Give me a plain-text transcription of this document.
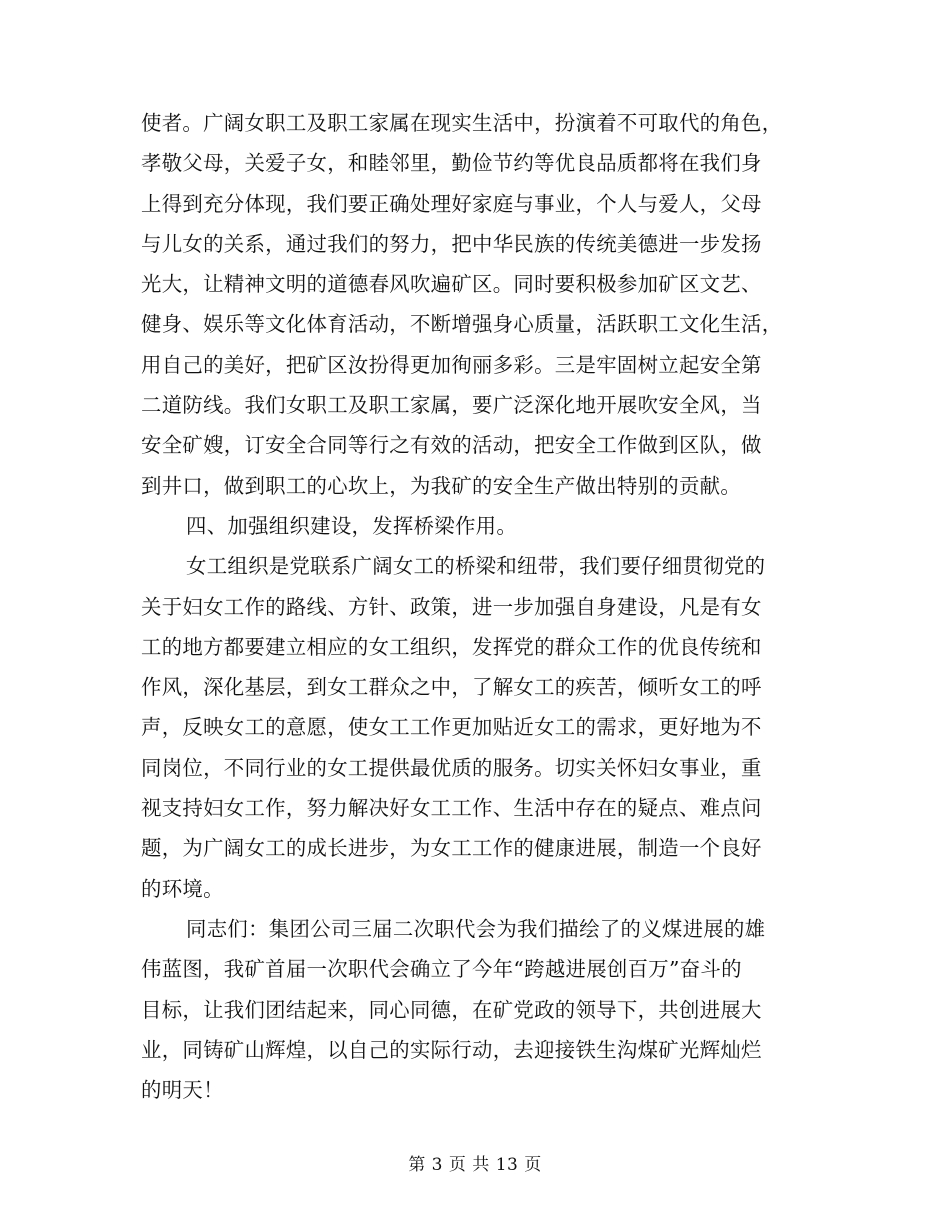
使者。广阔女职工及职工家属在现实生活中，扮演着不可取代的角色，
孝敬父母，关爱子女，和睦邻里，勤俭节约等优良品质都将在我们身
上得到充分体现，我们要正确处理好家庭与事业，个人与爱人，父母
与儿女的关系，通过我们的努力，把中华民族的传统美德进一步发扬
光大，让精神文明的道德春风吹遍矿区。同时要积极参加矿区文艺、
健身、娱乐等文化体育活动，不断增强身心质量，活跃职工文化生活，
用自己的美好，把矿区汝扮得更加徇丽多彩。三是牢固树立起安全第
二道防线。我们女职工及职工家属，要广泛深化地开展吹安全风，当
安全矿嫂，订安全合同等行之有效的活动，把安全工作做到区队，做
到井口，做到职工的心坎上，为我矿的安全生产做出特别的贡献。
四、加强组织建设，发挥桥梁作用。
女工组织是党联系广阔女工的桥梁和纽带，我们要仔细贯彻党的
关于妇女工作的路线、方针、政策，进一步加强自身建设，凡是有女
工的地方都要建立相应的女工组织，发挥党的群众工作的优良传统和
作风，深化基层，到女工群众之中，了解女工的疾苦，倾听女工的呼
声，反映女工的意愿，使女工工作更加贴近女工的需求，更好地为不
同岗位，不同行业的女工提供最优质的服务。切实关怀妇女事业，重
视支持妇女工作，努力解决好女工工作、生活中存在的疑点、难点问
题，为广阔女工的成长进步，为女工工作的健康进展，制造一个良好
的环境。
同志们：集团公司三届二次职代会为我们描绘了的义煤进展的雄
伟蓝图，我矿首届一次职代会确立了今年“跨越进展创百万”奋斗的
目标，让我们团结起来，同心同德，在矿党政的领导下，共创进展大
业，同铸矿山辉煌，以自己的实际行动，去迎接铁生沟煤矿光辉灿烂
的明天！
第 3 页 共 13 页
